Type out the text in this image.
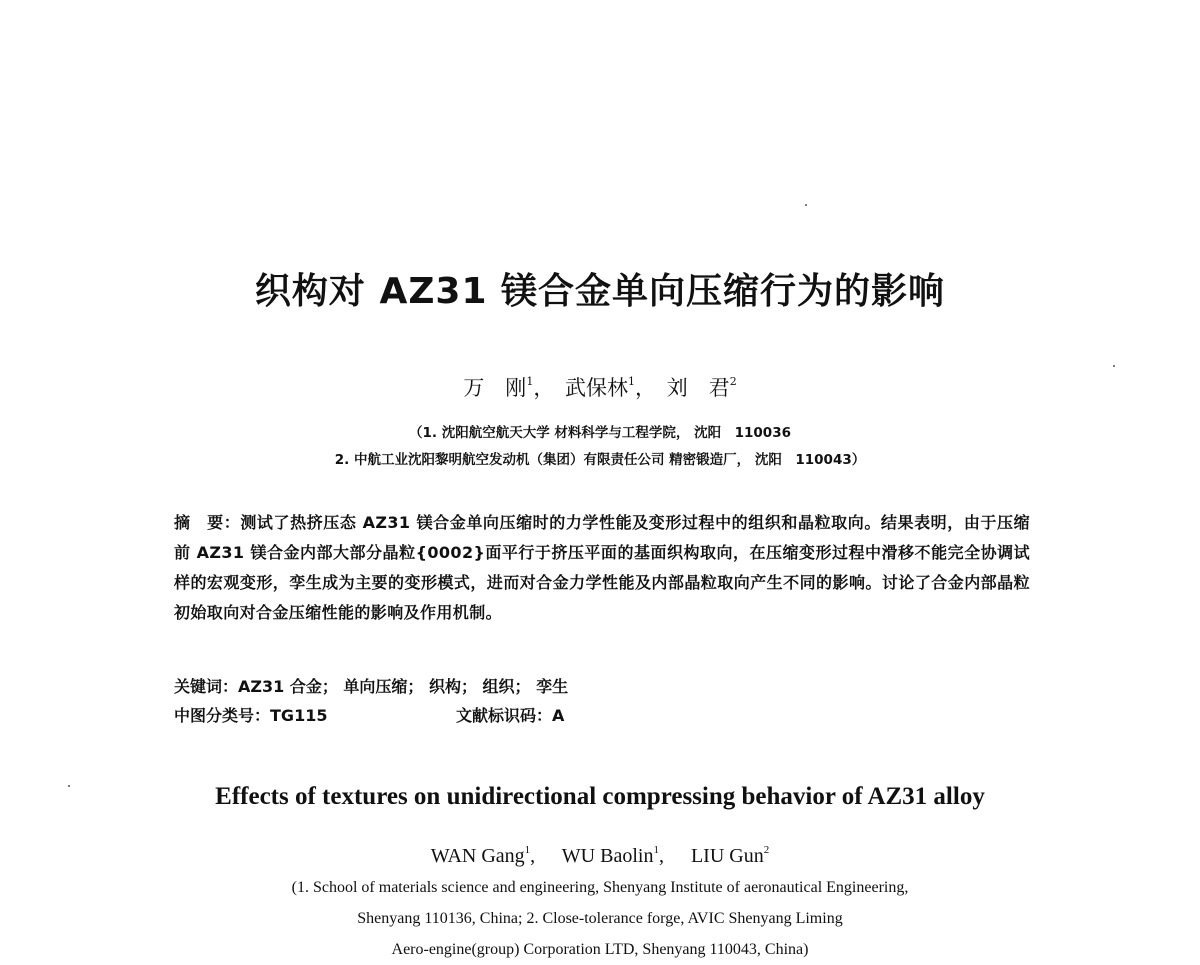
织构对 AZ31 镁合金单向压缩行为的影响
万　刚$^1$， 武保林$^1$， 刘　君$^2$
（1. 沈阳航空航天大学 材料科学与工程学院， 沈阳　110036
2. 中航工业沈阳黎明航空发动机（集团）有限责任公司 精密锻造厂， 沈阳　110043）
摘　要：测试了热挤压态 AZ31 镁合金单向压缩时的力学性能及变形过程中的组织和晶粒取向。结果表明，由于压缩前 AZ31 镁合金内部大部分晶粒{0002}面平行于挤压平面的基面织构取向，在压缩变形过程中滑移不能完全协调试样的宏观变形，孪生成为主要的变形模式，进而对合金力学性能及内部晶粒取向产生不同的影响。讨论了合金内部晶粒初始取向对合金压缩性能的影响及作用机制。
关键词：AZ31 合金； 单向压缩； 织构； 组织； 孪生
中图分类号：TG115	文献标识码：A
Effects of textures on unidirectional compressing behavior of AZ31 alloy
WAN Gang$^1$, WU Baolin$^1$, LIU Gun$^2$
(1. School of materials science and engineering, Shenyang Institute of aeronautical Engineering,
Shenyang 110136, China; 2. Close-tolerance forge, AVIC Shenyang Liming
Aero-engine(group) Corporation LTD, Shenyang 110043, China)
